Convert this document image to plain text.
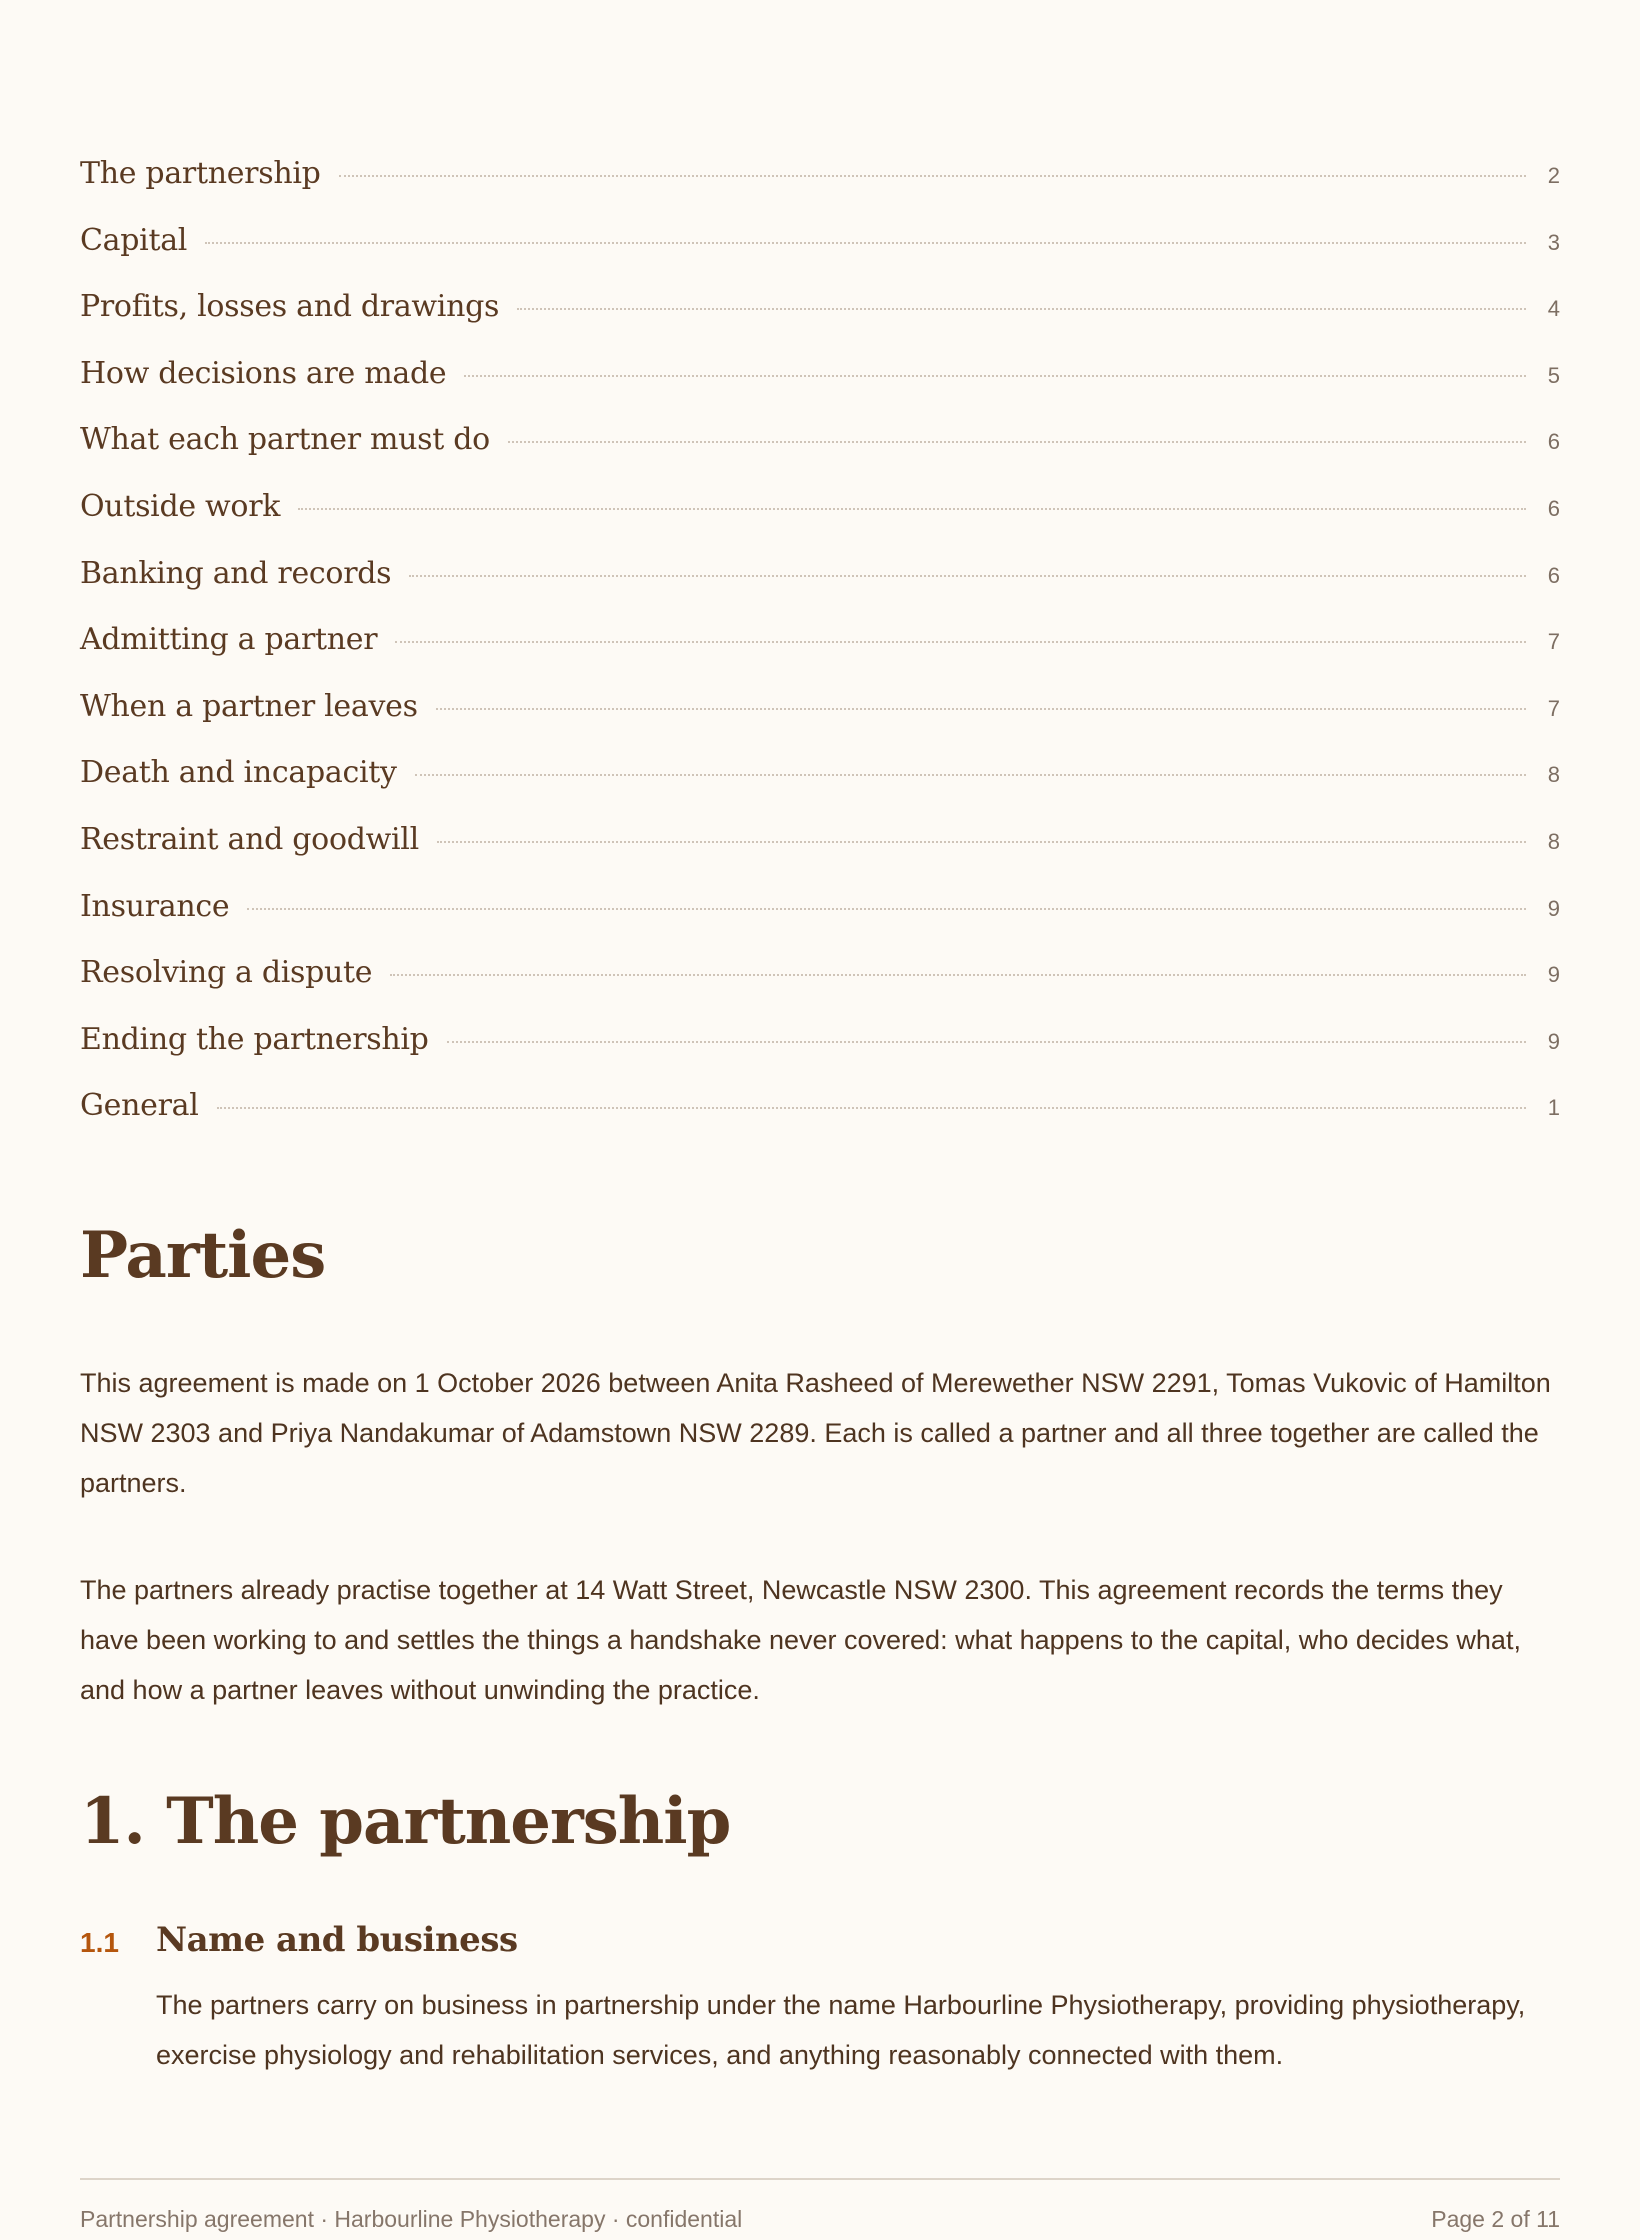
The partnership	2
Capital	3
Profits, losses and drawings	4
How decisions are made	5
What each partner must do	6
Outside work	6
Banking and records	6
Admitting a partner	7
When a partner leaves	7
Death and incapacity	8
Restraint and goodwill	8
Insurance	9
Resolving a dispute	9
Ending the partnership	9
General	1
Parties

This agreement is made on 1 October 2026 between Anita Rasheed of Merewether NSW 2291, Tomas Vukovic of Hamilton NSW 2303 and Priya Nandakumar of Adamstown NSW 2289. Each is called a partner and all three together are called the partners.

The partners already practise together at 14 Watt Street, Newcastle NSW 2300. This agreement records the terms they have been working to and settles the things a handshake never covered: what happens to the capital, who decides what, and how a partner leaves without unwinding the practice.

1. The partnership
1.1 Name and business

The partners carry on business in partnership under the name Harbourline Physiotherapy, providing physiotherapy, exercise physiology and rehabilitation services, and anything reasonably connected with them.

Partnership agreement · Harbourline Physiotherapy · confidential	Page 2 of 11
